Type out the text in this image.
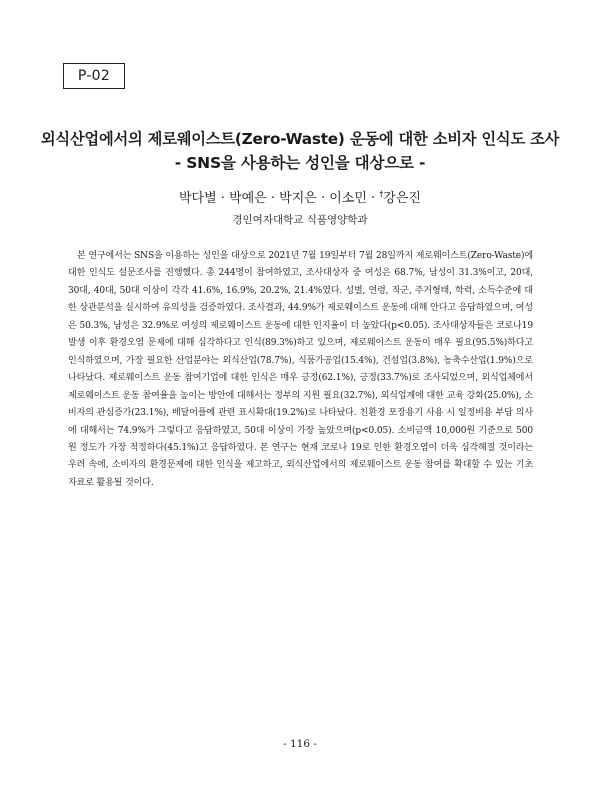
P-02
외식산업에서의 제로웨이스트(Zero-Waste) 운동에 대한 소비자 인식도 조사
- SNS을 사용하는 성인을 대상으로 -
박다별 · 박예은 · 박지은 · 이소민 · †강은진
경인여자대학교 식품영양학과
본 연구에서는 SNS을 이용하는 성인을 대상으로 2021년 7월 19일부터 7월 28일까지 제로웨이스트(Zero-Waste)에 대한 인식도 설문조사를 진행했다. 총 244명이 참여하였고, 조사대상자 중 여성은 68.7%, 남성이 31.3%이고, 20대, 30대, 40대, 50대 이상이 각각 41.6%, 16.9%, 20.2%, 21.4%였다. 성별, 연령, 직군, 주거형태, 학력, 소득수준에 대한 상관분석을 실시하여 유의성을 검증하였다. 조사결과, 44.9%가 제로웨이스트 운동에 대해 안다고 응답하였으며, 여성은 50.3%, 남성은 32.9%로 여성의 제로웨이스트 운동에 대한 인지율이 더 높았다(p<0.05). 조사대상자들은 코로나19 발생 이후 환경오염 문제에 대해 심각하다고 인식(89.3%)하고 있으며, 제로웨이스트 운동이 매우 필요(95.5%)하다고 인식하였으며, 가장 필요한 산업분야는 외식산업(78.7%), 식품가공업(15.4%), 건설업(3.8%), 농축수산업(1.9%)으로 나타났다. 제로웨이스트 운동 참여기업에 대한 인식은 매우 긍정(62.1%), 긍정(33.7%)로 조사되었으며, 외식업체에서 제로웨이스트 운동 참여율을 높이는 방안에 대해서는 정부의 지원 필요(32.7%), 외식업계에 대한 교육 강화(25.0%), 소비자의 관심증가(23.1%), 배달어플에 관련 표시확대(19.2%)로 나타났다. 친환경 포장용기 사용 시 일정비용 부담 의사에 대해서는 74.9%가 그렇다고 응답하였고, 50대 이상이 가장 높았으며(p<0.05). 소비금액 10,000원 기준으로 500원 정도가 가장 적정하다(45.1%)고 응답하였다. 본 연구는 현재 코로나 19로 인한 환경오염이 더욱 심각해질 것이라는 우려 속에, 소비자의 환경문제에 대한 인식을 제고하고, 외식산업에서의 제로웨이스트 운동 참여를 확대할 수 있는 기초자료로 활용될 것이다.
- 116 -
